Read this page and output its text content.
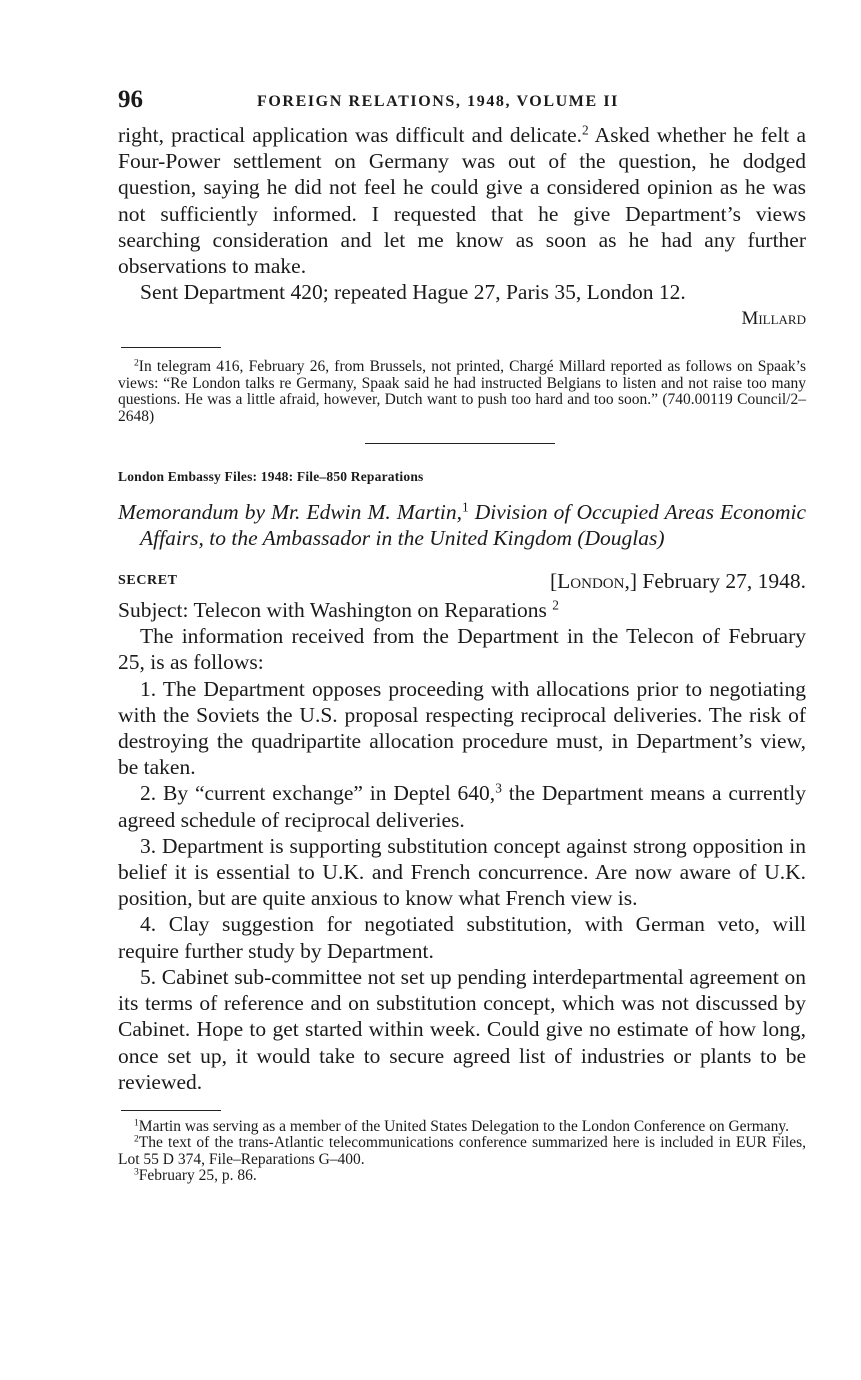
96	FOREIGN RELATIONS, 1948, VOLUME II

right, practical application was difficult and delicate.$^2$ Asked whether he felt a Four-Power settlement on Germany was out of the question, he dodged question, saying he did not feel he could give a considered opinion as he was not sufficiently informed. I requested that he give Department’s views searching consideration and let me know as soon as he had any further observations to make.

Sent Department 420; repeated Hague 27, Paris 35, London 12.

Millard

$^2$In telegram 416, February 26, from Brussels, not printed, Chargé Millard reported as follows on Spaak’s views: “Re London talks re Germany, Spaak said he had instructed Belgians to listen and not raise too many questions. He was a little afraid, however, Dutch want to push too hard and too soon.” (740.00119 Council/2–2648)

London Embassy Files: 1948: File–850 Reparations
Memorandum by Mr. Edwin M. Martin,$^1$ Division of Occupied Areas Economic Affairs, to the Ambassador in the United Kingdom (Douglas)
SECRET	[London,] February 27, 1948.

Subject: Telecon with Washington on Reparations $^2$

The information received from the Department in the Telecon of February 25, is as follows:

1. The Department opposes proceeding with allocations prior to negotiating with the Soviets the U.S. proposal respecting reciprocal deliveries. The risk of destroying the quadripartite allocation procedure must, in Department’s view, be taken.

2. By “current exchange” in Deptel 640,$^3$ the Department means a currently agreed schedule of reciprocal deliveries.

3. Department is supporting substitution concept against strong opposition in belief it is essential to U.K. and French concurrence. Are now aware of U.K. position, but are quite anxious to know what French view is.

4. Clay suggestion for negotiated substitution, with German veto, will require further study by Department.

5. Cabinet sub-committee not set up pending interdepartmental agreement on its terms of reference and on substitution concept, which was not discussed by Cabinet. Hope to get started within week. Could give no estimate of how long, once set up, it would take to secure agreed list of industries or plants to be reviewed.

$^1$Martin was serving as a member of the United States Delegation to the London Conference on Germany.

$^2$The text of the trans-Atlantic telecommunications conference summarized here is included in EUR Files, Lot 55 D 374, File–Reparations G–400.

$^3$February 25, p. 86.
